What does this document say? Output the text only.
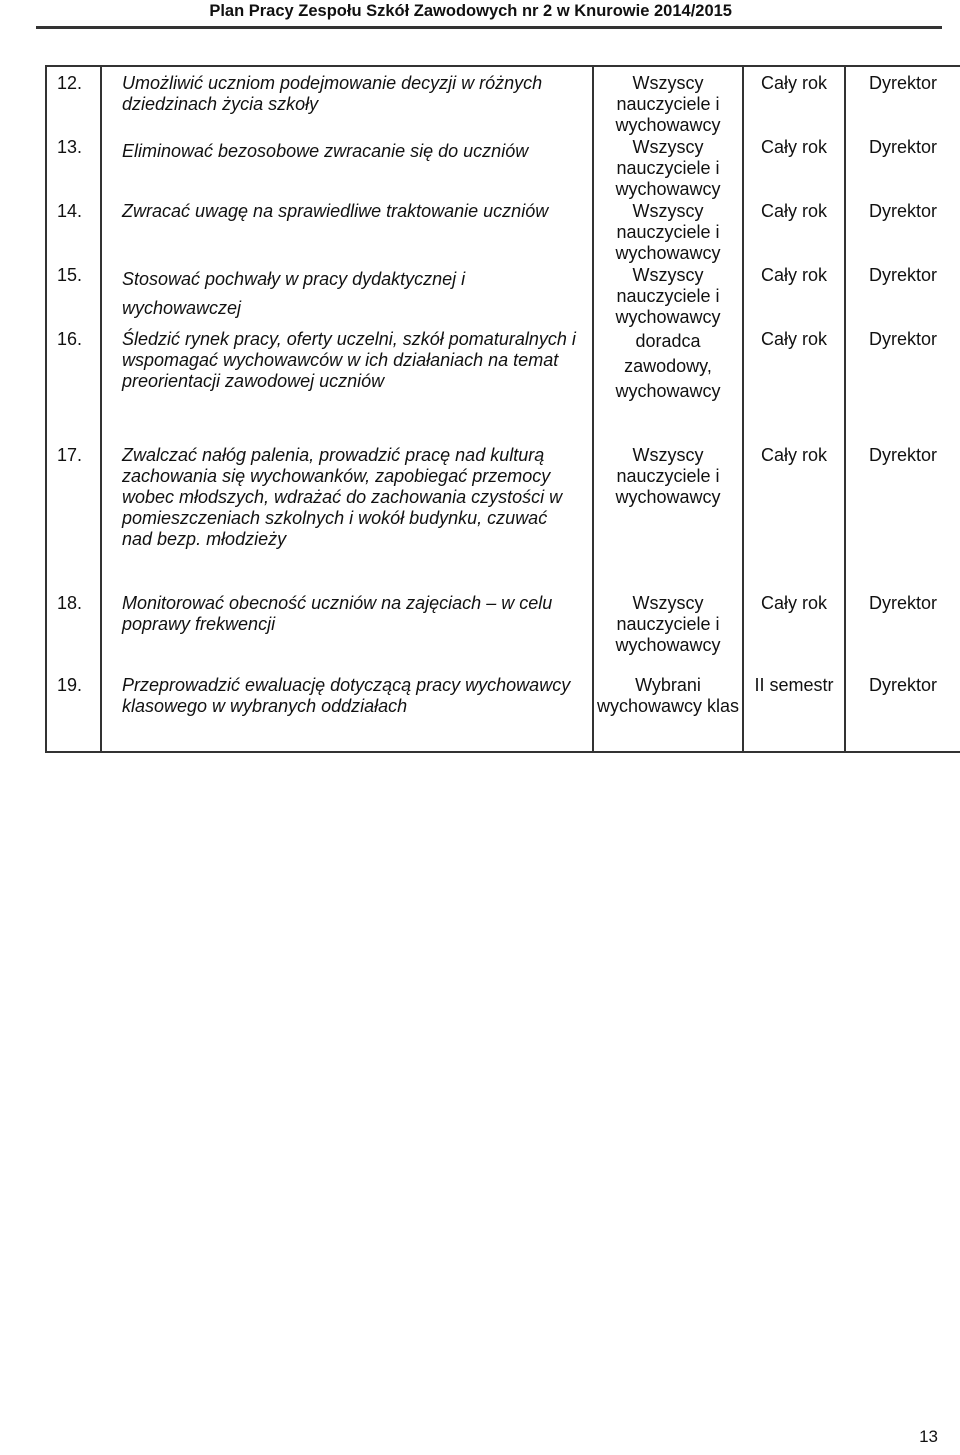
Plan Pracy Zespołu Szkół Zawodowych nr 2 w Knurowie 2014/2015
12.	Umożliwić uczniom podejmowanie decyzji w różnych dziedzinach życia szkoły	Wszyscy nauczyciele i wychowawcy	Cały rok	Dyrektor
13.	Eliminować bezosobowe zwracanie się do uczniów	Wszyscy nauczyciele i wychowawcy	Cały rok	Dyrektor
14.	Zwracać uwagę na sprawiedliwe traktowanie uczniów	Wszyscy nauczyciele i wychowawcy	Cały rok	Dyrektor
15.	Stosować pochwały w pracy dydaktycznej i wychowawczej	Wszyscy nauczyciele i wychowawcy	Cały rok	Dyrektor
16.	Śledzić rynek pracy, oferty uczelni, szkół pomaturalnych i wspomagać wychowawców w ich działaniach na temat preorientacji zawodowej uczniów	doradca zawodowy, wychowawcy	Cały rok	Dyrektor
17.	Zwalczać nałóg palenia, prowadzić pracę nad kulturą zachowania się wychowanków, zapobiegać przemocy wobec młodszych, wdrażać do zachowania czystości w pomieszczeniach szkolnych i wokół budynku, czuwać nad bezp. młodzieży	Wszyscy nauczyciele i wychowawcy	Cały rok	Dyrektor
18.	Monitorować obecność uczniów na zajęciach – w celu poprawy frekwencji	Wszyscy nauczyciele i wychowawcy	Cały rok	Dyrektor
19.	Przeprowadzić ewaluację dotyczącą pracy wychowawcy klasowego w wybranych oddziałach	Wybrani wychowawcy klas	II semestr	Dyrektor
13
